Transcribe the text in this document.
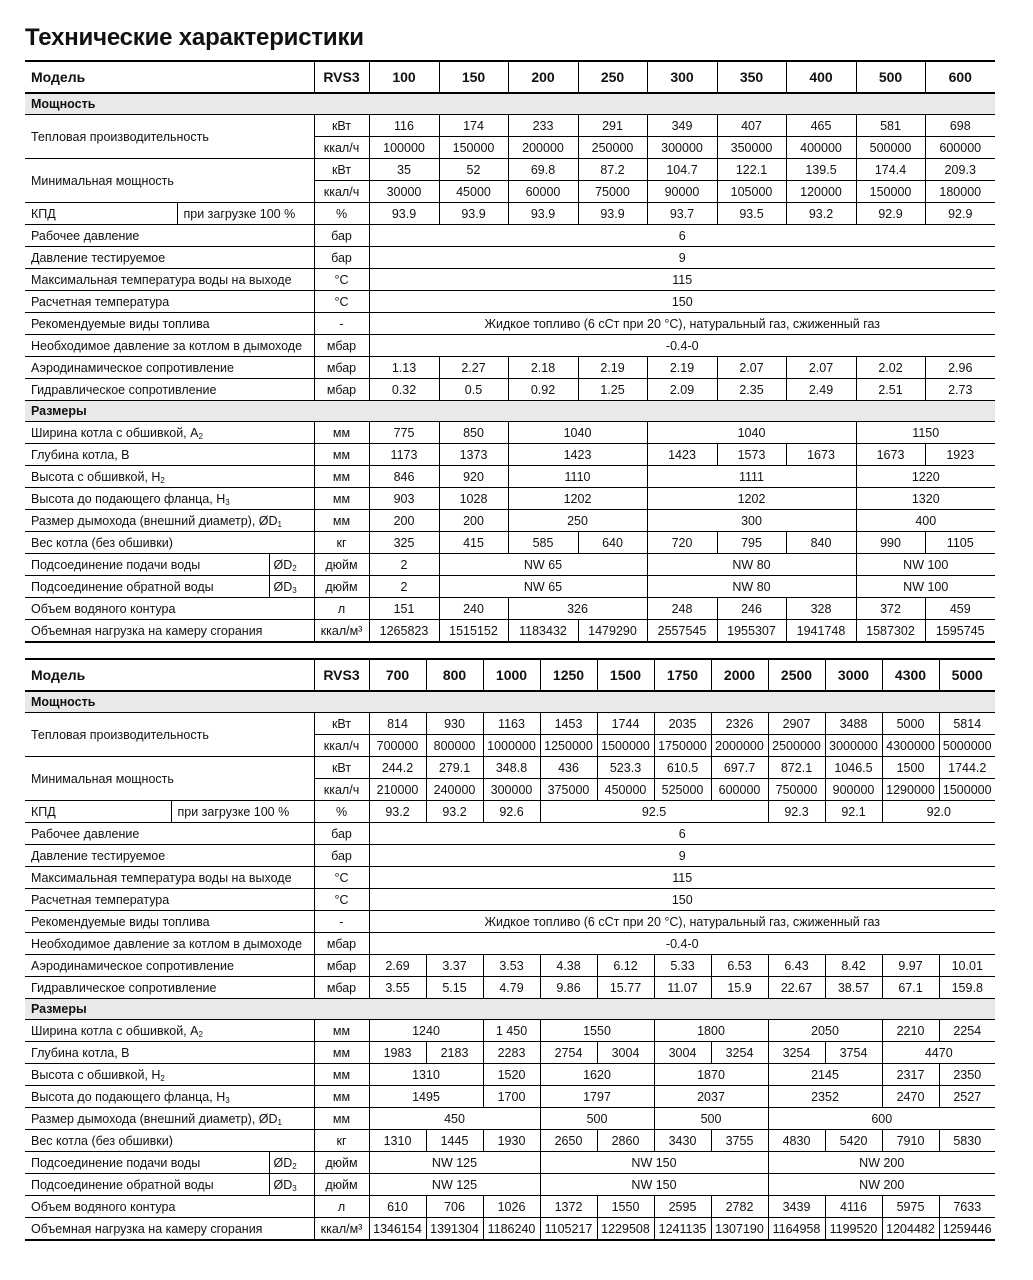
Технические характеристики
Модель			RVS3	100	150	200	250	300	350	400	500	600
Мощность												
Тепловая производительность			кВт	116	174	233	291	349	407	465	581	698
			ккал/ч	100000	150000	200000	250000	300000	350000	400000	500000	600000
Минимальная мощность			кВт	35	52	69.8	87.2	104.7	122.1	139.5	174.4	209.3
			ккал/ч	30000	45000	60000	75000	90000	105000	120000	150000	180000
КПД	при загрузке 100 %		%	93.9	93.9	93.9	93.9	93.7	93.5	93.2	92.9	92.9
Рабочее давление			бар	6								
Давление тестируемое			бар	9								
Максимальная температура воды на выходе			°C	115								
Расчетная температура			°C	150								
Рекомендуемые виды топлива			-	Жидкое топливо (6 сСт при 20 °C), натуральный газ, сжиженный газ								
Необходимое давление за котлом в дымоходе			мбар	-0.4-0								
Аэродинамическое сопротивление			мбар	1.13	2.27	2.18	2.19	2.19	2.07	2.07	2.02	2.96
Гидравлическое сопротивление			мбар	0.32	0.5	0.92	1.25	2.09	2.35	2.49	2.51	2.73
Размеры												
Ширина котла с обшивкой, $А_2$			мм	775	850	1040		1040			1150	
Глубина котла, В			мм	1173	1373	1423		1423	1573	1673	1673	1923
Высота с обшивкой, $Н_2$			мм	846	920	1110		1111			1220	
Высота до подающего фланца, $Н_3$			мм	903	1028	1202		1202			1320	
Размер дымохода (внешний диаметр), $ØD_1$			мм	200	200	250		300			400	
Вес котла (без обшивки)			кг	325	415	585	640	720	795	840	990	1105
Подсоединение подачи воды		$ØD_2$	дюйм	2	NW 65			NW 80			NW 100	
Подсоединение обратной воды		$ØD_3$	дюйм	2	NW 65			NW 80			NW 100	
Объем водяного контура			л	151	240	326		248	246	328	372	459
Объемная нагрузка на камеру сгорания			ккал/м³	1265823	1515152	1183432	1479290	2557545	1955307	1941748	1587302	1595745
Модель			RVS3	700	800	1000	1250	1500	1750	2000	2500	3000	4300	5000
Мощность														
Тепловая производительность			кВт	814	930	1163	1453	1744	2035	2326	2907	3488	5000	5814
			ккал/ч	700000	800000	1000000	1250000	1500000	1750000	2000000	2500000	3000000	4300000	5000000
Минимальная мощность			кВт	244.2	279.1	348.8	436	523.3	610.5	697.7	872.1	1046.5	1500	1744.2
			ккал/ч	210000	240000	300000	375000	450000	525000	600000	750000	900000	1290000	1500000
КПД	при загрузке 100 %		%	93.2	93.2	92.6	92.5				92.3	92.1	92.0	
Рабочее давление			бар	6										
Давление тестируемое			бар	9										
Максимальная температура воды на выходе			°C	115										
Расчетная температура			°C	150										
Рекомендуемые виды топлива			-	Жидкое топливо (6 сСт при 20 °C), натуральный газ, сжиженный газ										
Необходимое давление за котлом в дымоходе			мбар	-0.4-0										
Аэродинамическое сопротивление			мбар	2.69	3.37	3.53	4.38	6.12	5.33	6.53	6.43	8.42	9.97	10.01
Гидравлическое сопротивление			мбар	3.55	5.15	4.79	9.86	15.77	11.07	15.9	22.67	38.57	67.1	159.8
Размеры														
Ширина котла с обшивкой, $А_2$			мм	1240		1 450	1550		1800		2050		2210	2254
Глубина котла, В			мм	1983	2183	2283	2754	3004	3004	3254	3254	3754	4470	
Высота с обшивкой, $Н_2$			мм	1310		1520	1620		1870		2145		2317	2350
Высота до подающего фланца, $Н_3$			мм	1495		1700	1797		2037		2352		2470	2527
Размер дымохода (внешний диаметр), $ØD_1$			мм	450			500		500		600			
Вес котла (без обшивки)			кг	1310	1445	1930	2650	2860	3430	3755	4830	5420	7910	5830
Подсоединение подачи воды		$ØD_2$	дюйм	NW 125			NW 150				NW 200			
Подсоединение обратной воды		$ØD_3$	дюйм	NW 125			NW 150				NW 200			
Объем водяного контура			л	610	706	1026	1372	1550	2595	2782	3439	4116	5975	7633
Объемная нагрузка на камеру сгорания			ккал/м³	1346154	1391304	1186240	1105217	1229508	1241135	1307190	1164958	1199520	1204482	1259446
